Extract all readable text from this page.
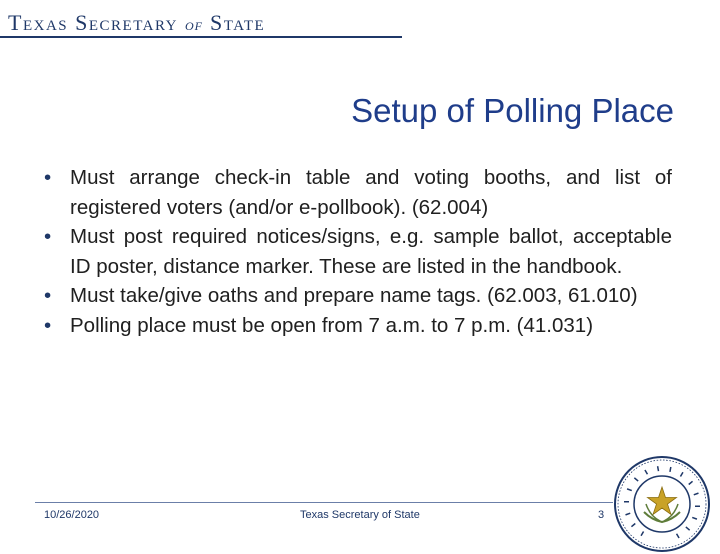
TEXAS SECRETARY OF STATE
Setup of Polling Place
• Must arrange check-in table and voting booths, and list of registered voters (and/or e-pollbook). (62.004)
• Must post required notices/signs, e.g. sample ballot, acceptable ID poster, distance marker. These are listed in the handbook.
• Must take/give oaths and prepare name tags. (62.003, 61.010)
• Polling place must be open from 7 a.m. to 7 p.m. (41.031)
10/26/2020	Texas Secretary of State	3
